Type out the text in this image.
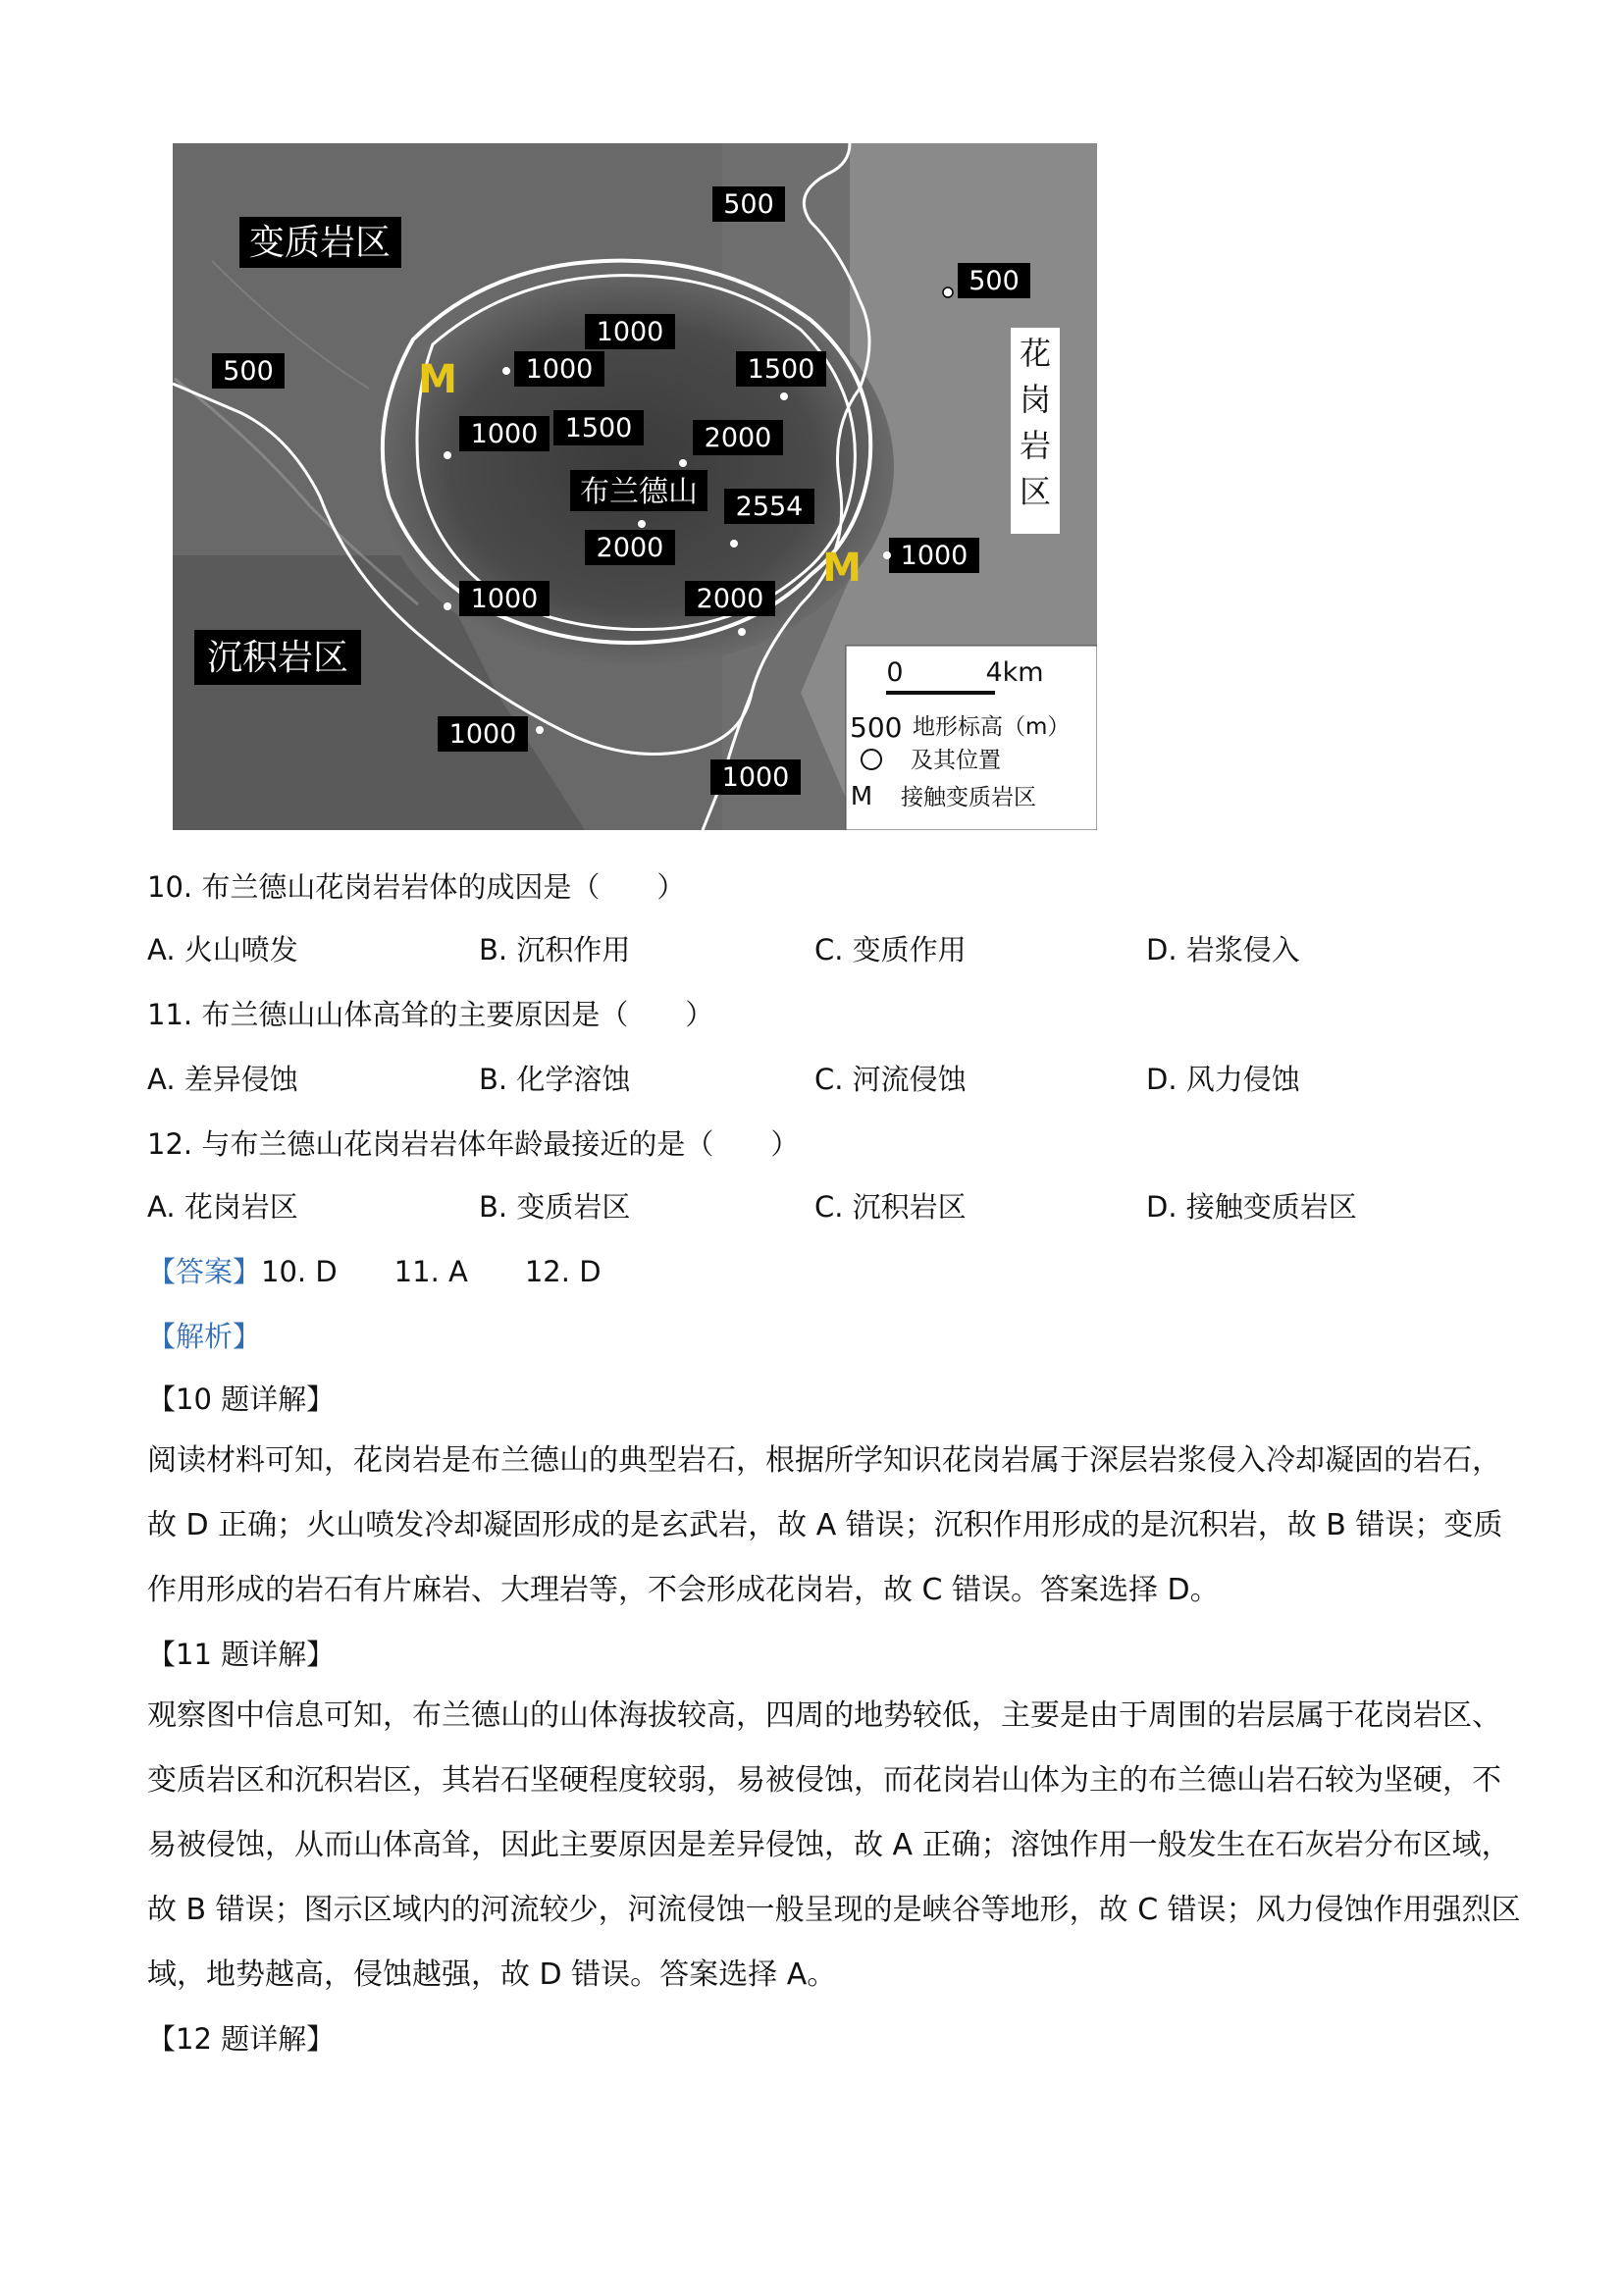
变质岩区
沉积岩区
花
岗
岩
区
布兰德山
500
500
500
1000
1000
1000
1500
1500	2000
2554
2000
2000
1000
1000
1000
1000
M
M
0	4km
500 地形标高（m）
及其位置
M 接触变质岩区
10. 布兰德山花岗岩岩体的成因是（　　）
A. 火山喷发	B. 沉积作用	C. 变质作用	D. 岩浆侵入
11. 布兰德山山体高耸的主要原因是（　　）
A. 差异侵蚀	B. 化学溶蚀	C. 河流侵蚀	D. 风力侵蚀
12. 与布兰德山花岗岩岩体年龄最接近的是（　　）
A. 花岗岩区	B. 变质岩区	C. 沉积岩区	D. 接触变质岩区
【答案】10. D　　11. A　　12. D
【解析】
【10 题详解】
阅读材料可知，花岗岩是布兰德山的典型岩石，根据所学知识花岗岩属于深层岩浆侵入冷却凝固的岩石，
故 D 正确；火山喷发冷却凝固形成的是玄武岩，故 A 错误；沉积作用形成的是沉积岩，故 B 错误；变质
作用形成的岩石有片麻岩、大理岩等，不会形成花岗岩，故 C 错误。答案选择 D。
【11 题详解】
观察图中信息可知，布兰德山的山体海拔较高，四周的地势较低，主要是由于周围的岩层属于花岗岩区、
变质岩区和沉积岩区，其岩石坚硬程度较弱，易被侵蚀，而花岗岩山体为主的布兰德山岩石较为坚硬，不
易被侵蚀，从而山体高耸，因此主要原因是差异侵蚀，故 A 正确；溶蚀作用一般发生在石灰岩分布区域，
故 B 错误；图示区域内的河流较少，河流侵蚀一般呈现的是峡谷等地形，故 C 错误；风力侵蚀作用强烈区
域，地势越高，侵蚀越强，故 D 错误。答案选择 A。
【12 题详解】
